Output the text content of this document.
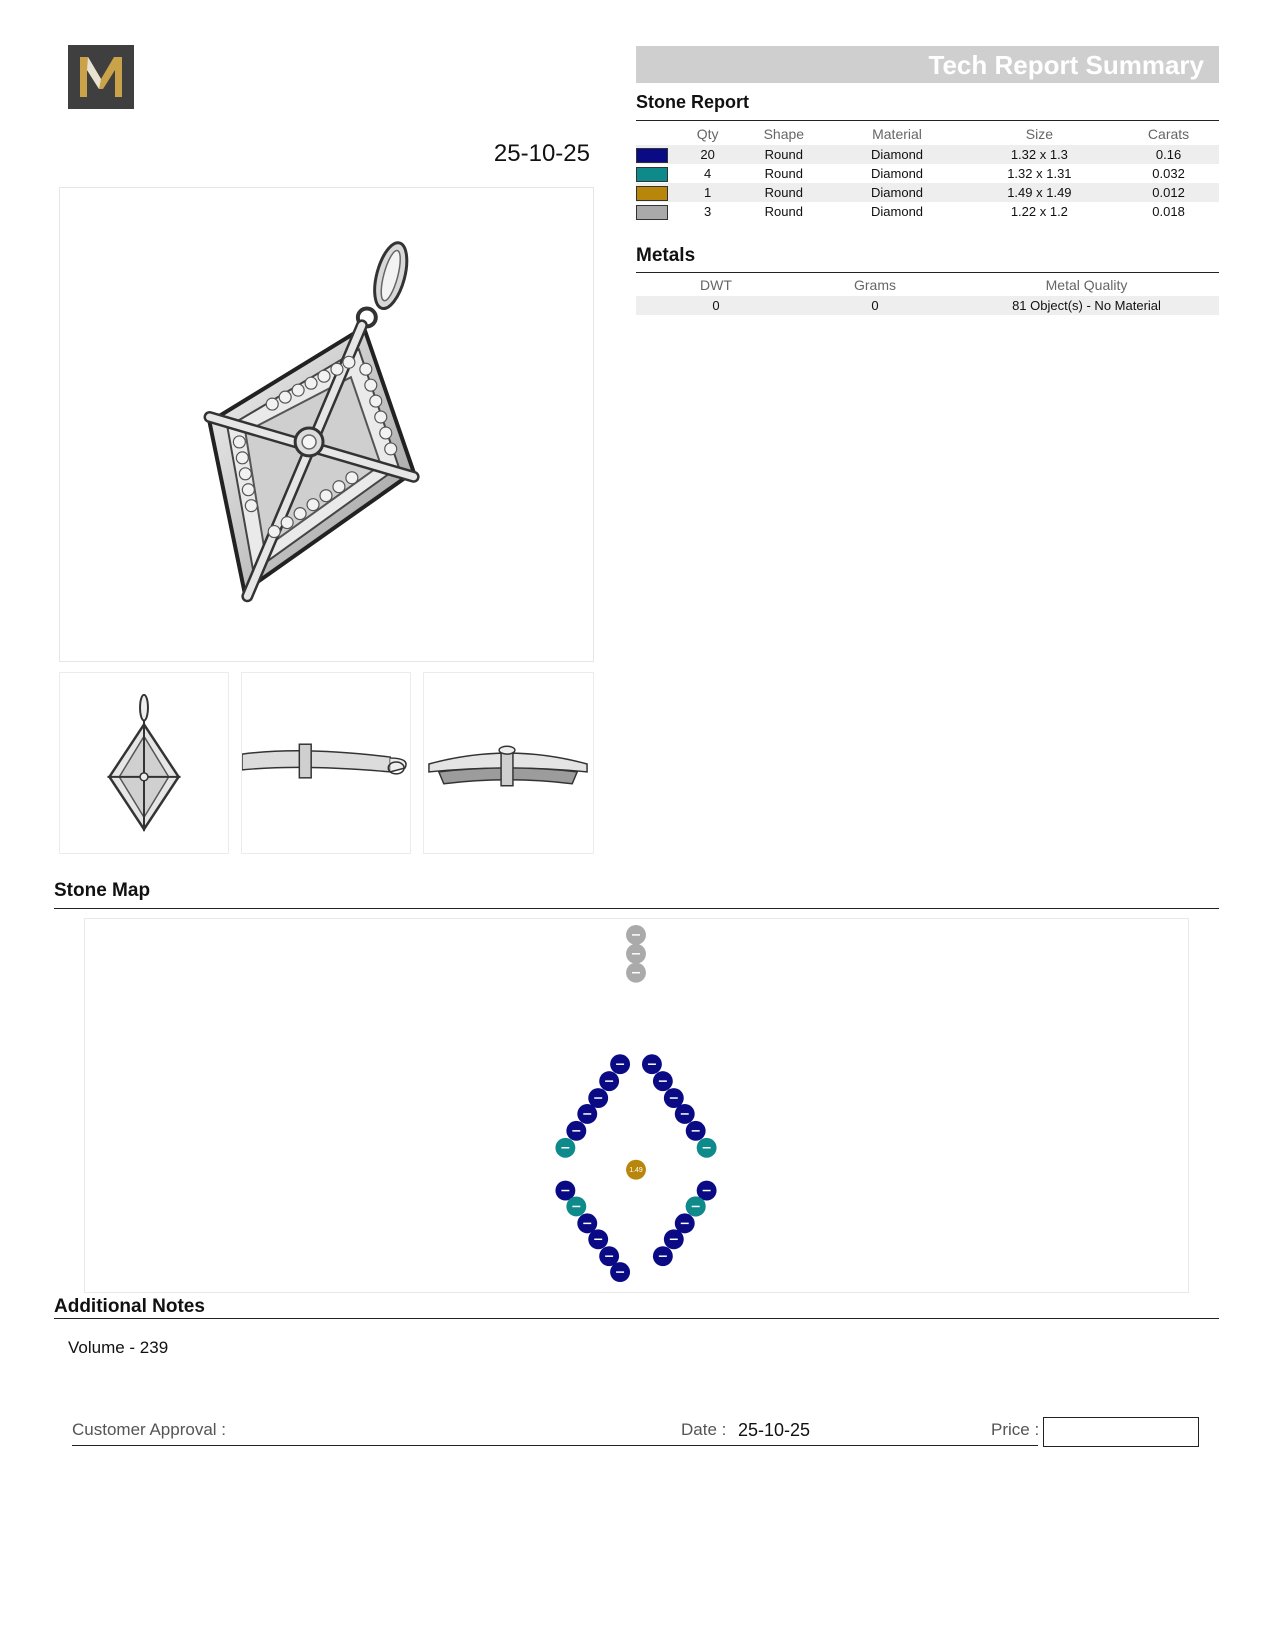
25-10-25
Tech Report Summary
Stone Report
	Qty	Shape	Material	Size	Carats
	20	Round	Diamond	1.32 x 1.3	0.16
	4	Round	Diamond	1.32 x 1.31	0.032
	1	Round	Diamond	1.49 x 1.49	0.012
	3	Round	Diamond	1.22 x 1.2	0.018
Metals
DWT	Grams	Metal Quality
0	0	81 Object(s) - No Material
Stone Map
1.49
Additional Notes
Volume - 239
Customer Approval :	Date : 25-10-25	Price :
